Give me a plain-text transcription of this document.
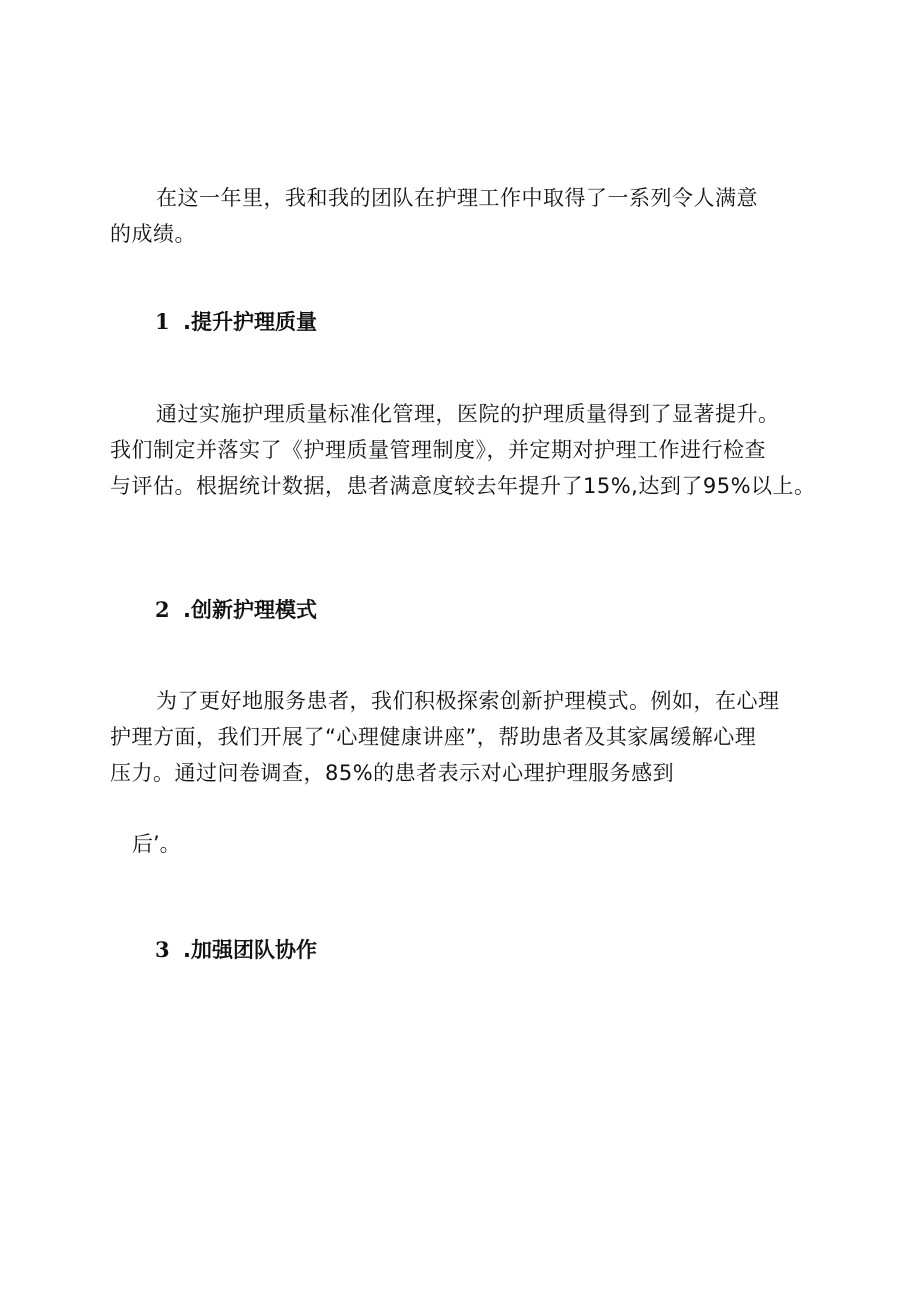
在这一年里，我和我的团队在护理工作中取得了一系列令人满意
的成绩。

1 .提升护理质量

通过实施护理质量标准化管理，医院的护理质量得到了显著提升。
我们制定并落实了《护理质量管理制度》，并定期对护理工作进行检查
与评估。根据统计数据，患者满意度较去年提升了15%,达到了95%以上。

2 .创新护理模式

为了更好地服务患者，我们积极探索创新护理模式。例如，在心理
护理方面，我们开展了“心理健康讲座”，帮助患者及其家属缓解心理
压力。通过问卷调查，85%的患者表示对心理护理服务感到

后’。

3 .加强团队协作
